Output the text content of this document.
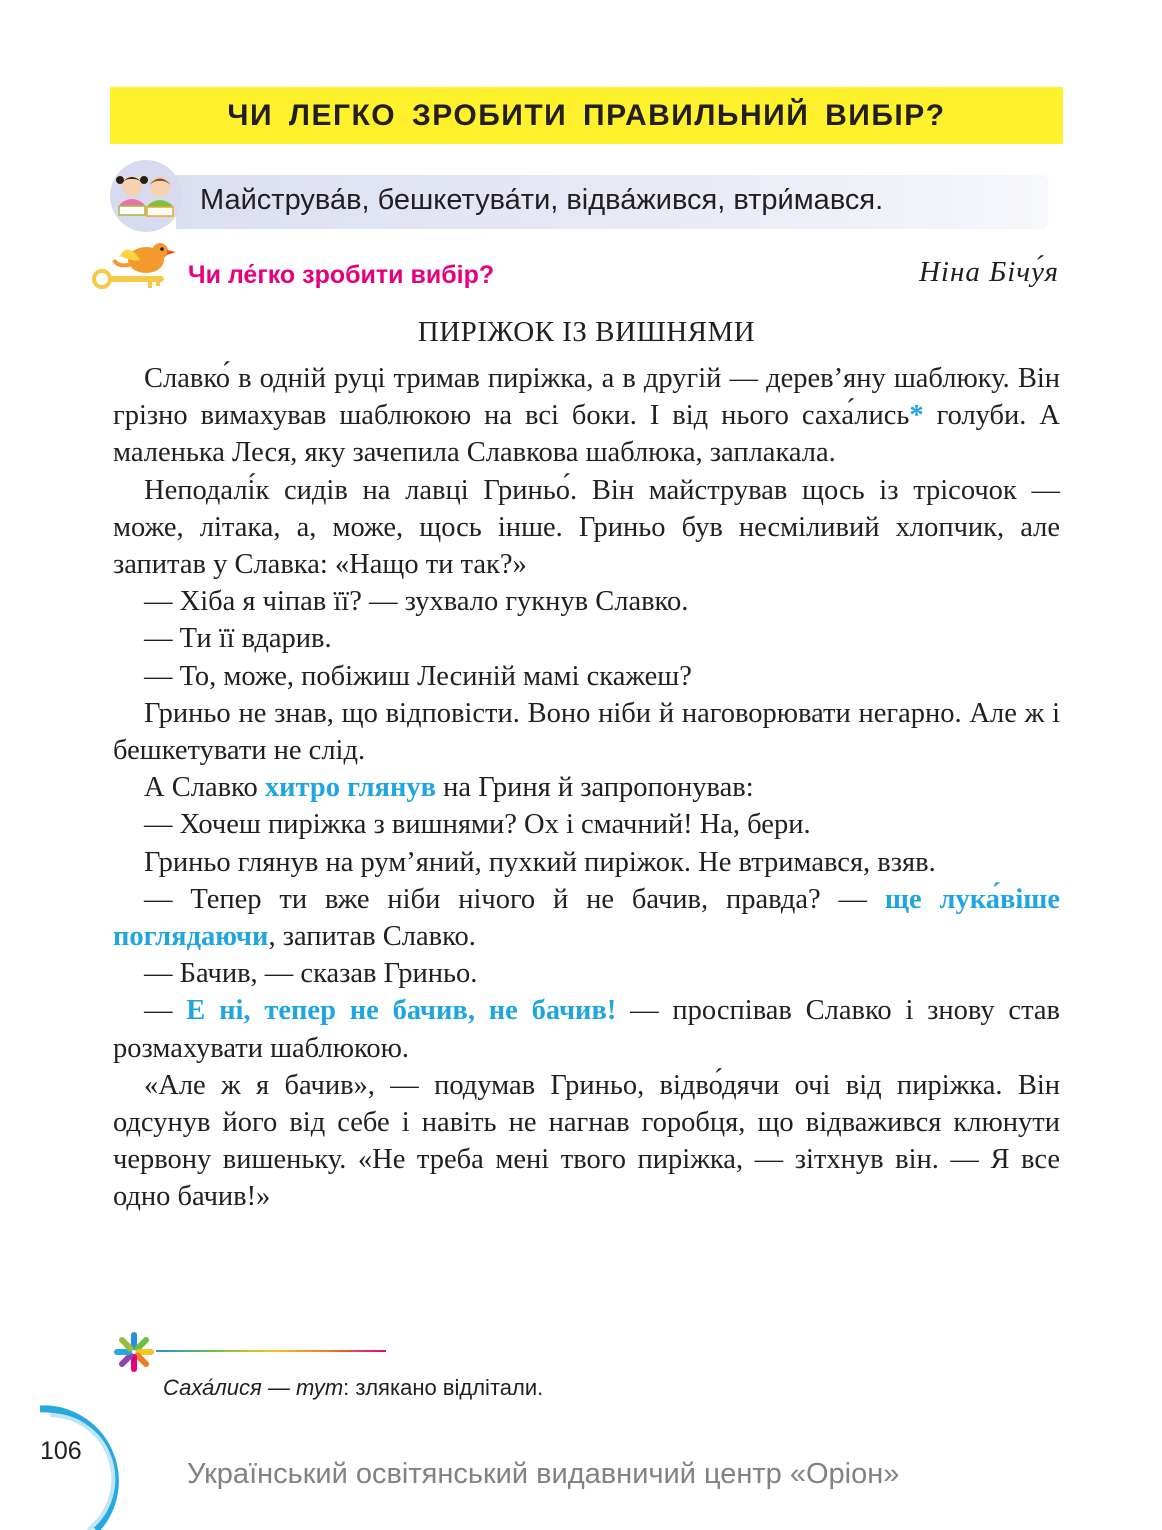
ЧИ ЛЕГКО ЗРОБИТИ ПРАВИЛЬНИЙ ВИБІР?
Майструва́в, бешкетува́ти, відва́жився, втри́мався.
Чи ле́гко зробити вибір?	Ніна Бічу́я
ПИРІЖОК ІЗ ВИШНЯМИ

Славко́ в одній руці тримав пиріжка, а в другій — дерев’яну шаблюку. Він грізно вимахував шаблюкою на всі боки. І від нього саха́лись* голуби. А маленька Леся, яку зачепила Славкова шаблюка, заплакала.

Неподалі́к сидів на лавці Гриньо́. Він майстрував щось із трісочок — може, літака, а, може, щось інше. Гриньо був несміливий хлопчик, але запитав у Славка: «Нащо ти так?»

— Хіба я чіпав її? — зухвало гукнув Славко.

— Ти її вдарив.

— То, може, побіжиш Лесиній мамі скажеш?

Гриньо не знав, що відповісти. Воно ніби й наговорювати негарно. Але ж і бешкетувати не слід.

А Славко хитро глянув на Гриня й запропонував:

— Хочеш пиріжка з вишнями? Ох і смачний! На, бери.

Гриньо глянув на рум’яний, пухкий пиріжок. Не втримався, взяв.

— Тепер ти вже ніби нічого й не бачив, правда? — ще лука́віше поглядаючи, запитав Славко.

— Бачив, — сказав Гриньо.

— Е ні, тепер не бачив, не бачив! — проспівав Славко і знову став розмахувати шаблюкою.

«Але ж я бачив», — подумав Гриньо, відво́дячи очі від пиріжка. Він одсунув його від себе і навіть не нагнав горобця, що відважився клюнути червону вишеньку. «Не треба мені твого пиріжка, — зітхнув він. — Я все одно бачив!»

Саха́лися — тут: злякано відлітали.
106
Український освітянський видавничий центр «Оріон»
